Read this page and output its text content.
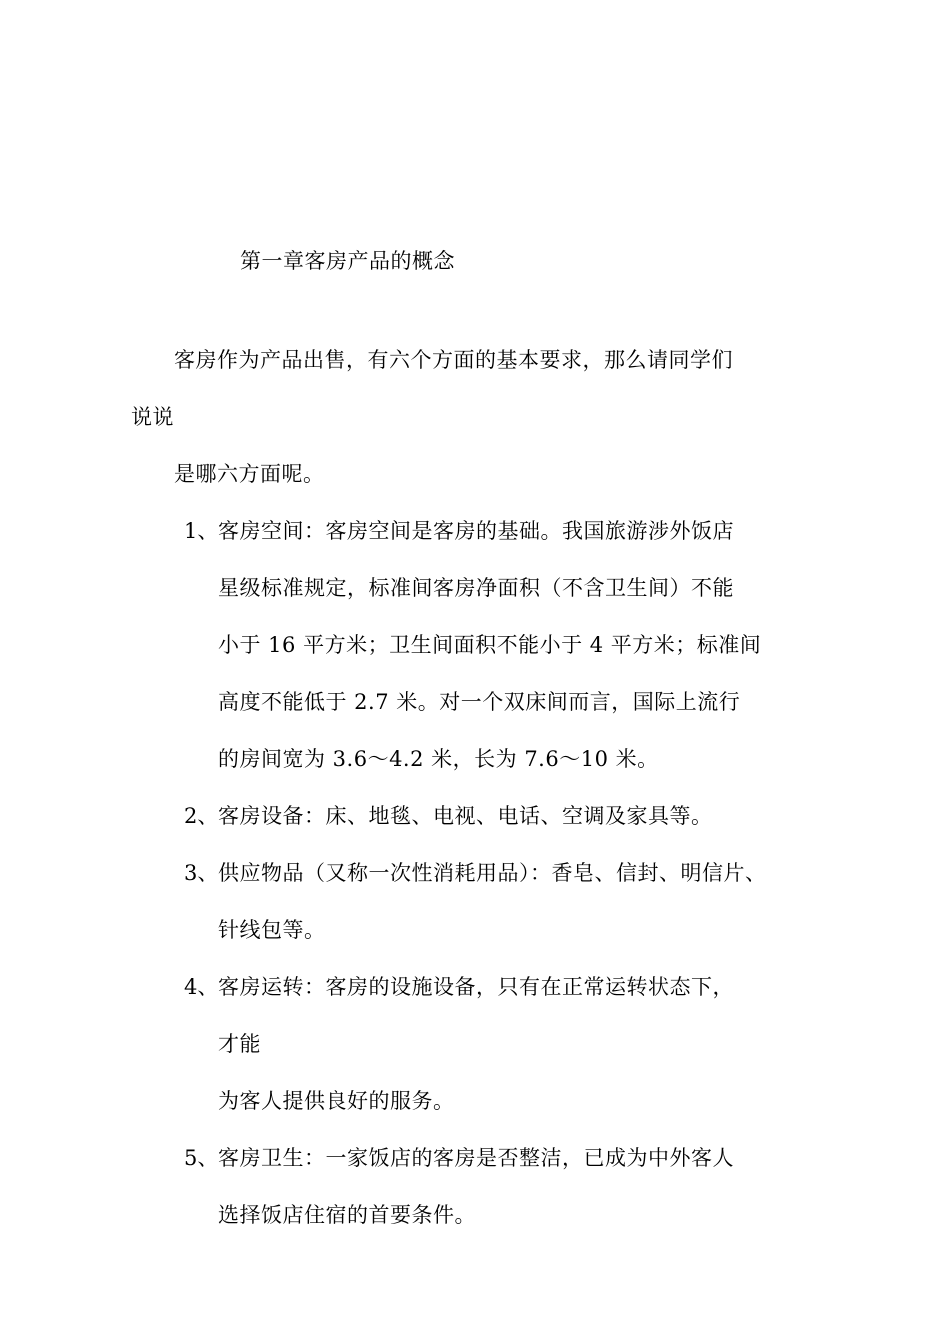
第一章客房产品的概念
客房作为产品出售，有六个方面的基本要求，那么请同学们
说说
是哪六方面呢。
1、 客房空间：客房空间是客房的基础。我国旅游涉外饭店
星级标准规定，标准间客房净面积（不含卫生间）不能
小于 16 平方米；卫生间面积不能小于 4 平方米；标准间
高度不能低于 2.7 米。对一个双床间而言，国际上流行
的房间宽为 3.6～4.2 米，长为 7.6～10 米。
2、 客房设备：床、地毯、电视、电话、空调及家具等。
3、 供应物品（又称一次性消耗用品）：香皂、信封、明信片、
针线包等。
4、 客房运转：客房的设施设备，只有在正常运转状态下，
才能
为客人提供良好的服务。
5、 客房卫生：一家饭店的客房是否整洁，已成为中外客人
选择饭店住宿的首要条件。
